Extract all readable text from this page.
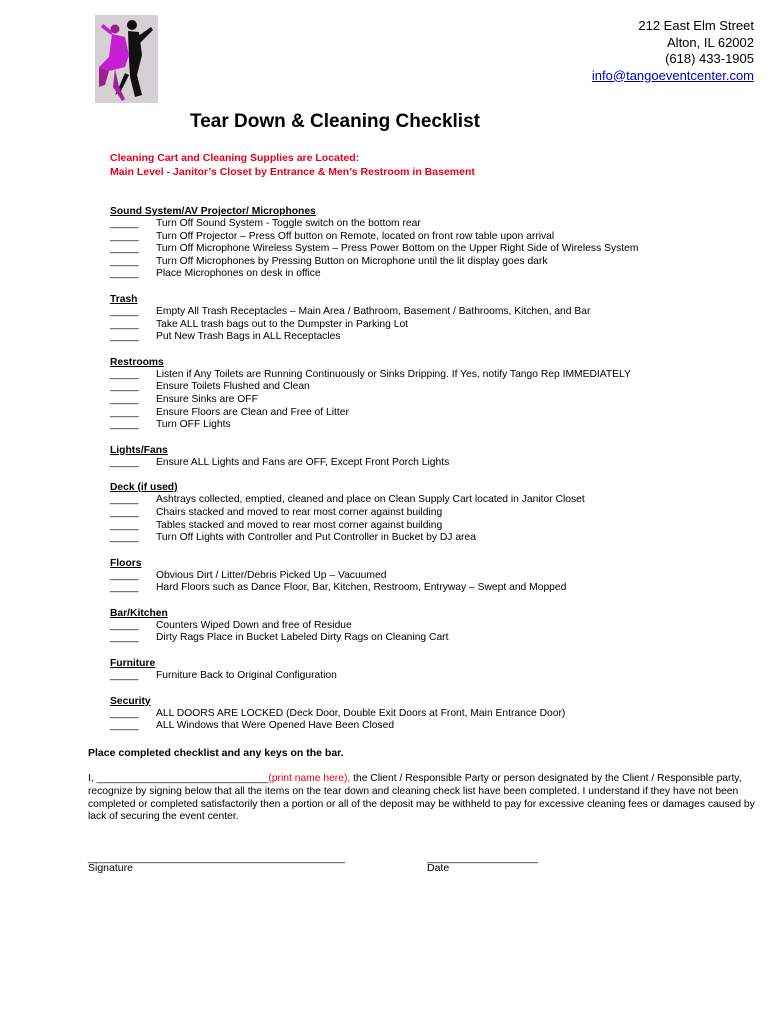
212 East Elm Street
Alton, IL 62002
(618) 433-1905
info@tangoeventcenter.com
Tear Down & Cleaning Checklist
Cleaning Cart and Cleaning Supplies are Located:
Main Level - Janitor’s Closet by Entrance & Men’s Restroom in Basement
Sound System/AV Projector/ Microphones
_____	Turn Off Sound System - Toggle switch on the bottom rear
_____	Turn Off Projector – Press Off button on Remote, located on front row table upon arrival
_____	Turn Off Microphone Wireless System – Press Power Bottom on the Upper Right Side of Wireless System
_____	Turn Off Microphones by Pressing Button on Microphone until the lit display goes dark
_____	Place Microphones on desk in office
Trash
_____	Empty All Trash Receptacles – Main Area / Bathroom, Basement / Bathrooms, Kitchen, and Bar
_____	Take ALL trash bags out to the Dumpster in Parking Lot
_____	Put New Trash Bags in ALL Receptacles
Restrooms
_____	Listen if Any Toilets are Running Continuously or Sinks Dripping. If Yes, notify Tango Rep IMMEDIATELY
_____	Ensure Toilets Flushed and Clean
_____	Ensure Sinks are OFF
_____	Ensure Floors are Clean and Free of Litter
_____	Turn OFF Lights
Lights/Fans
_____	Ensure ALL Lights and Fans are OFF, Except Front Porch Lights
Deck (if used)
_____	Ashtrays collected, emptied, cleaned and place on Clean Supply Cart located in Janitor Closet
_____	Chairs stacked and moved to rear most corner against building
_____	Tables stacked and moved to rear most corner against building
_____	Turn Off Lights with Controller and Put Controller in Bucket by DJ area
Floors
_____	Obvious Dirt / Litter/Debris Picked Up – Vacuumed
_____	Hard Floors such as Dance Floor, Bar, Kitchen, Restroom, Entryway – Swept and Mopped
Bar/Kitchen
_____	Counters Wiped Down and free of Residue
_____	Dirty Rags Place in Bucket Labeled Dirty Rags on Cleaning Cart
Furniture
_____	Furniture Back to Original Configuration
Security
_____	ALL DOORS ARE LOCKED (Deck Door, Double Exit Doors at Front, Main Entrance Door)
_____	ALL Windows that Were Opened Have Been Closed
Place completed checklist and any keys on the bar.
I, ______________________________(print name here), the Client / Responsible Party or person designated by the Client / Responsible party, recognize by signing below that all the items on the tear down and cleaning check list have been completed. I understand if they have not been completed or completed satisfactorily then a portion or all of the deposit may be withheld to pay for excessive cleaning fees or damages caused by lack of securing the event center.
____________________________________________
Signature
___________________
Date
